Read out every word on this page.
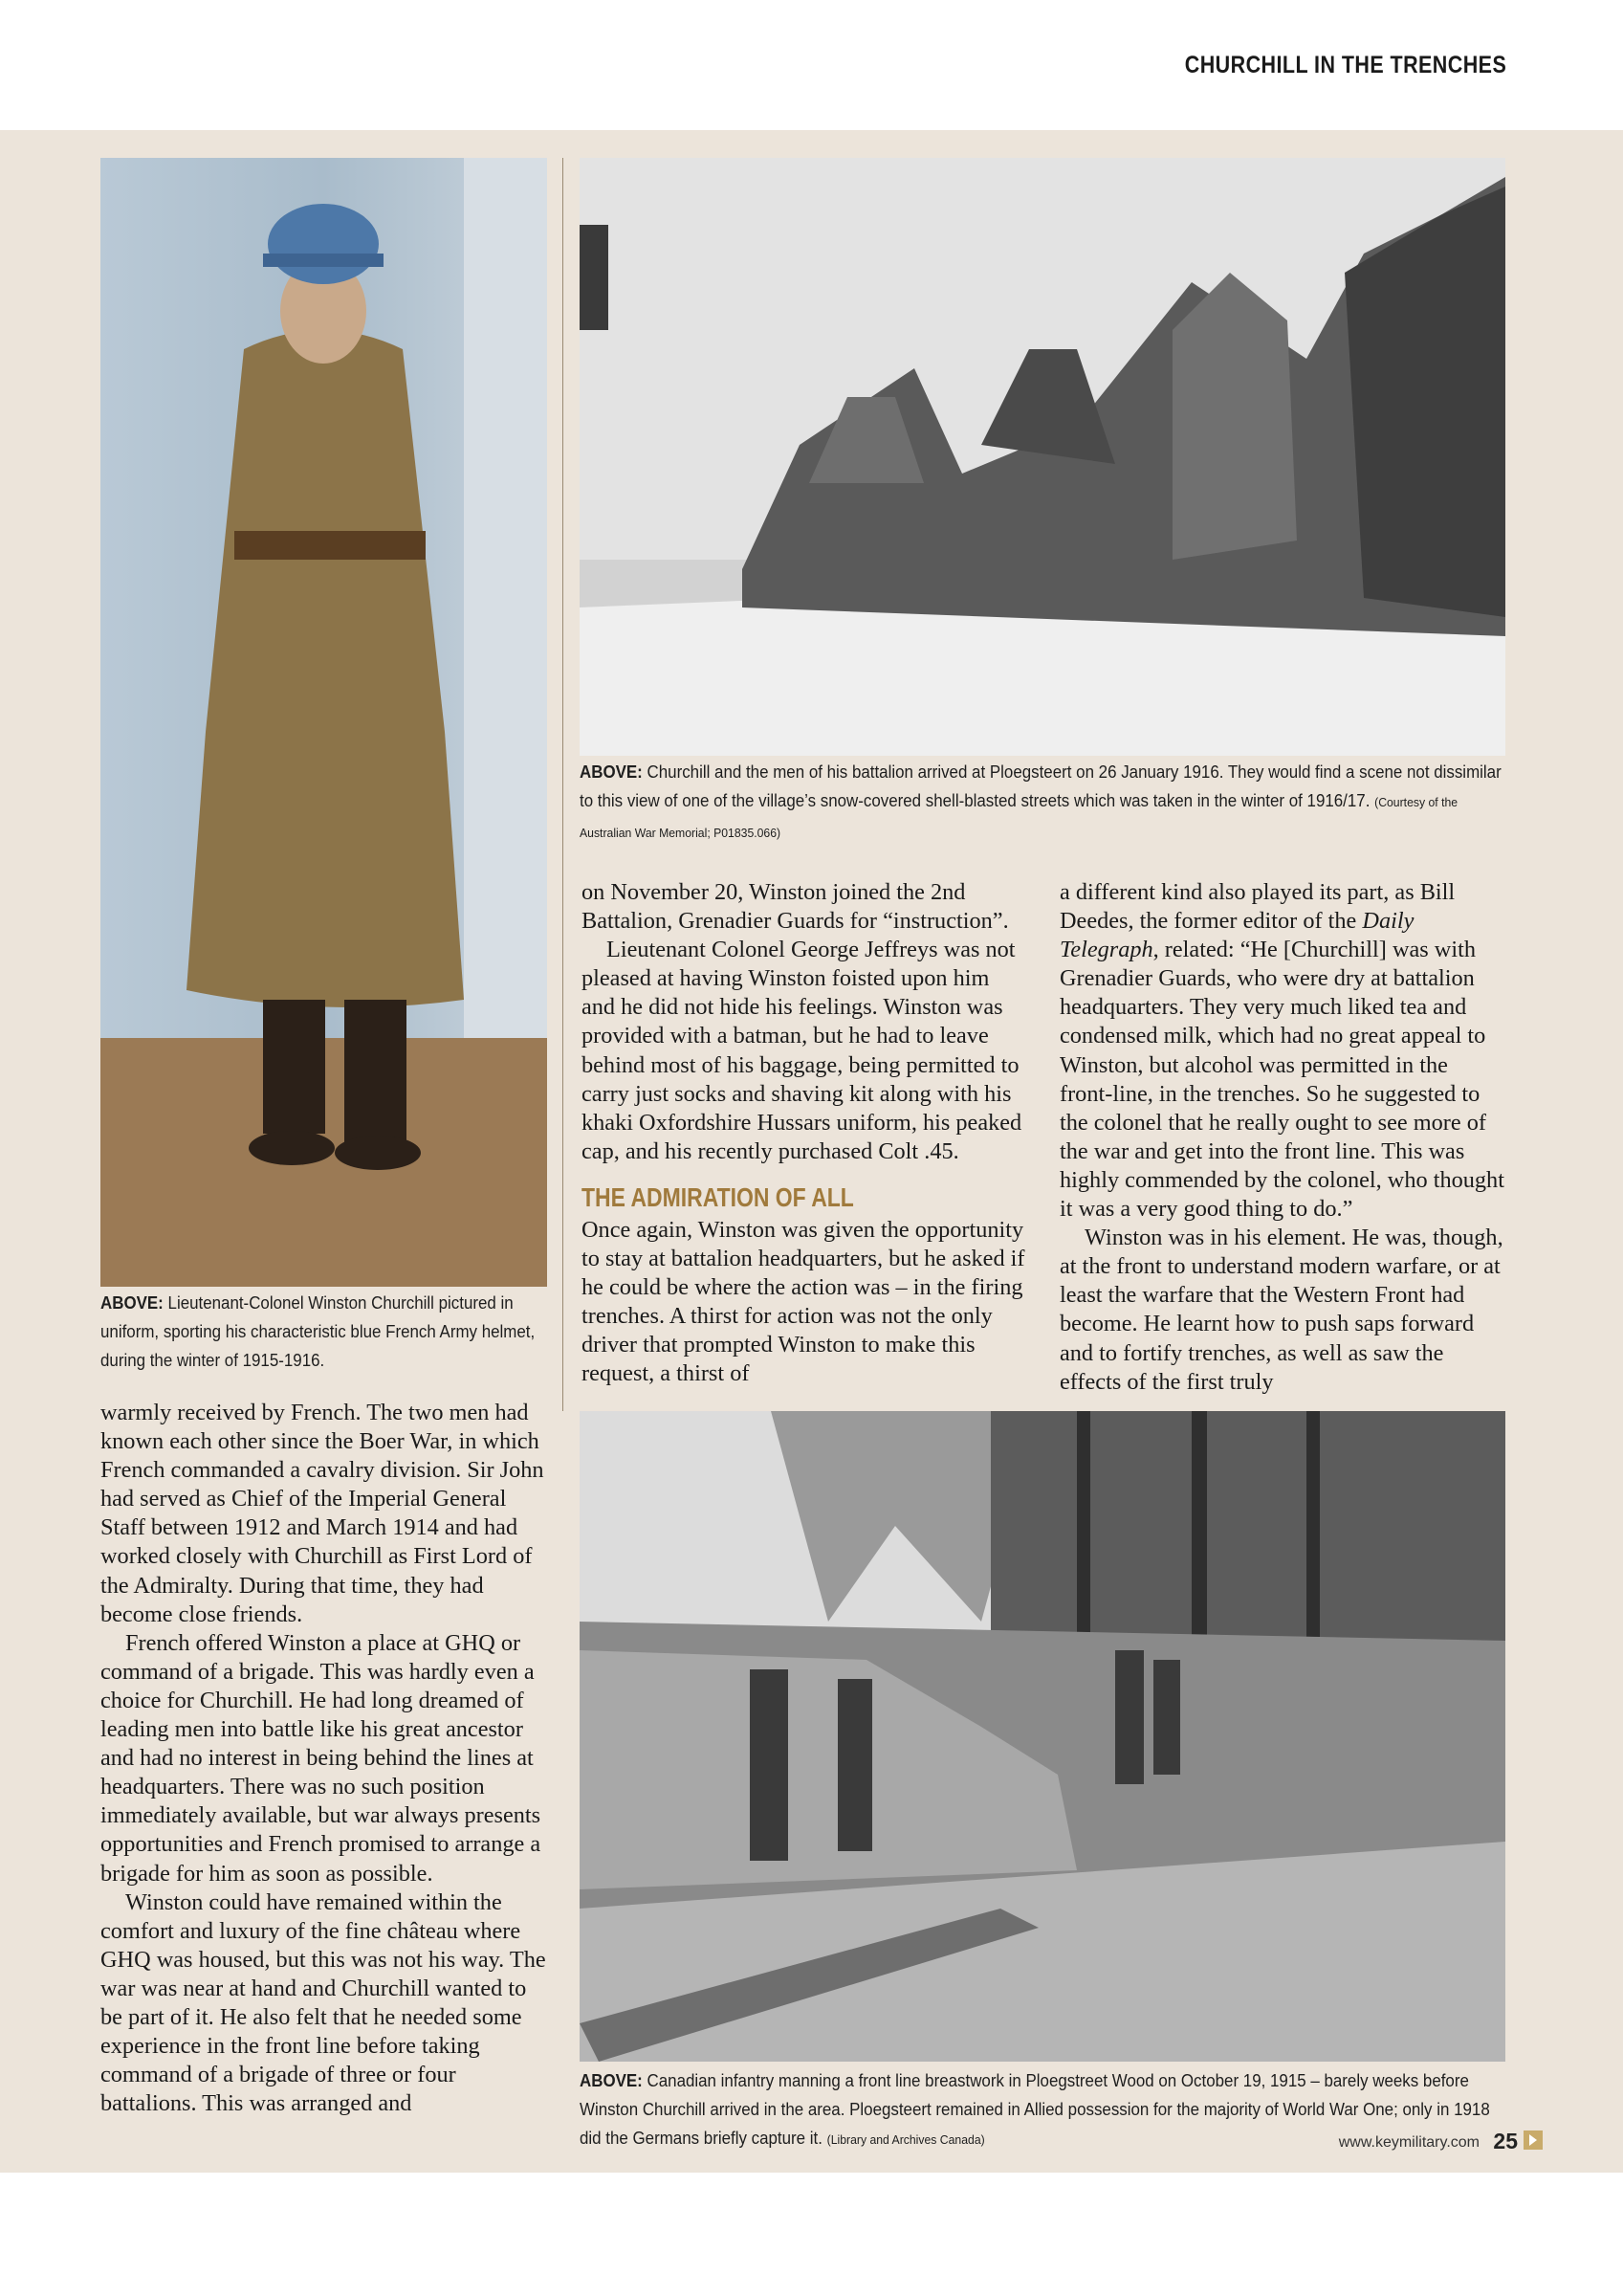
CHURCHILL IN THE TRENCHES
ABOVE: Churchill and the men of his battalion arrived at Ploegsteert on 26 January 1916. They would find a scene not dissimilar to this view of one of the village’s snow-covered shell-blasted streets which was taken in the winter of 1916/17. (Courtesy of the Australian War Memorial; P01835.066)
ABOVE: Lieutenant-Colonel Winston Churchill pictured in uniform, sporting his characteristic blue French Army helmet, during the winter of 1915-1916.

warmly received by French. The two men had known each other since the Boer War, in which French commanded a cavalry division. Sir John had served as Chief of the Imperial General Staff between 1912 and March 1914 and had worked closely with Churchill as First Lord of the Admiralty. During that time, they had become close friends.

French offered Winston a place at GHQ or command of a brigade. This was hardly even a choice for Churchill. He had long dreamed of leading men into battle like his great ancestor and had no interest in being behind the lines at headquarters. There was no such position immediately available, but war always presents opportunities and French promised to arrange a brigade for him as soon as possible.

Winston could have remained within the comfort and luxury of the fine château where GHQ was housed, but this was not his way. The war was near at hand and Churchill wanted to be part of it. He also felt that he needed some experience in the front line before taking command of a brigade of three or four battalions. This was arranged and

on November 20, Winston joined the 2nd Battalion, Grenadier Guards for “instruction”.

Lieutenant Colonel George Jeffreys was not pleased at having Winston foisted upon him and he did not hide his feelings. Winston was provided with a batman, but he had to leave behind most of his baggage, being permitted to carry just socks and shaving kit along with his khaki Oxfordshire Hussars uniform, his peaked cap, and his recently purchased Colt .45.

THE ADMIRATION OF ALL

Once again, Winston was given the opportunity to stay at battalion headquarters, but he asked if he could be where the action was – in the firing trenches. A thirst for action was not the only driver that prompted Winston to make this request, a thirst of

a different kind also played its part, as Bill Deedes, the former editor of the Daily Telegraph, related: “He [Churchill] was with Grenadier Guards, who were dry at battalion headquarters. They very much liked tea and condensed milk, which had no great appeal to Winston, but alcohol was permitted in the front-line, in the trenches. So he suggested to the colonel that he really ought to see more of the war and get into the front line. This was highly commended by the colonel, who thought it was a very good thing to do.”

Winston was in his element. He was, though, at the front to understand modern warfare, or at least the warfare that the Western Front had become. He learnt how to push saps forward and to fortify trenches, as well as saw the effects of the first truly

ABOVE: Canadian infantry manning a front line breastwork in Ploegstreet Wood on October 19, 1915 – barely weeks before Winston Churchill arrived in the area. Ploegsteert remained in Allied possession for the majority of World War One; only in 1918 did the Germans briefly capture it. (Library and Archives Canada)	www.keymilitary.com 25
